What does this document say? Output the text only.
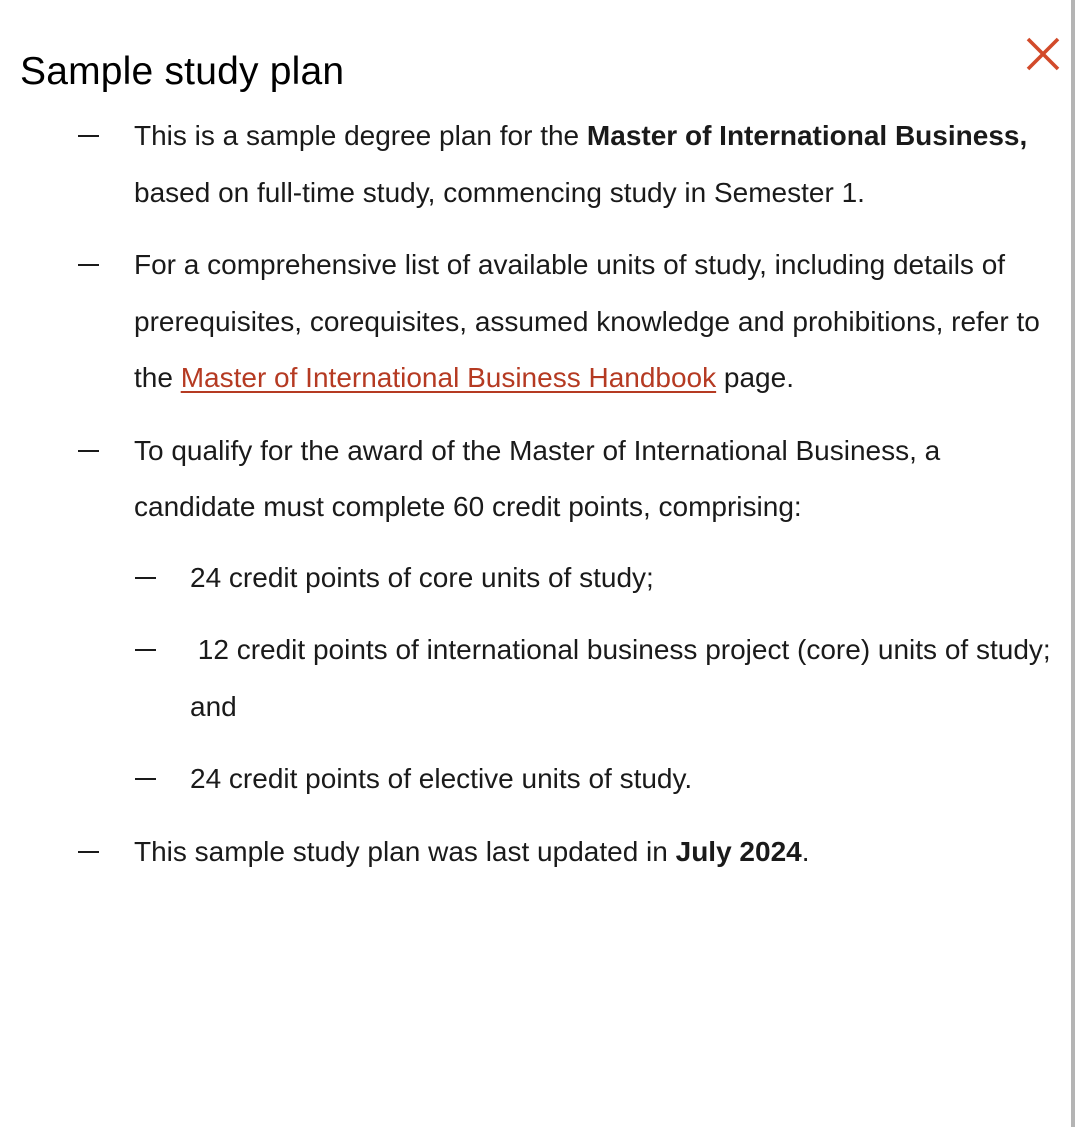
Sample study plan
This is a sample degree plan for the Master of International Business, based on full-time study, commencing study in Semester 1.
For a comprehensive list of available units of study, including details of prerequisites, corequisites, assumed knowledge and prohibitions, refer to the Master of International Business Handbook page.
To qualify for the award of the Master of International Business, a candidate must complete 60 credit points, comprising:
24 credit points of core units of study;
12 credit points of international business project (core) units of study; and
24 credit points of elective units of study.
This sample study plan was last updated in July 2024.
